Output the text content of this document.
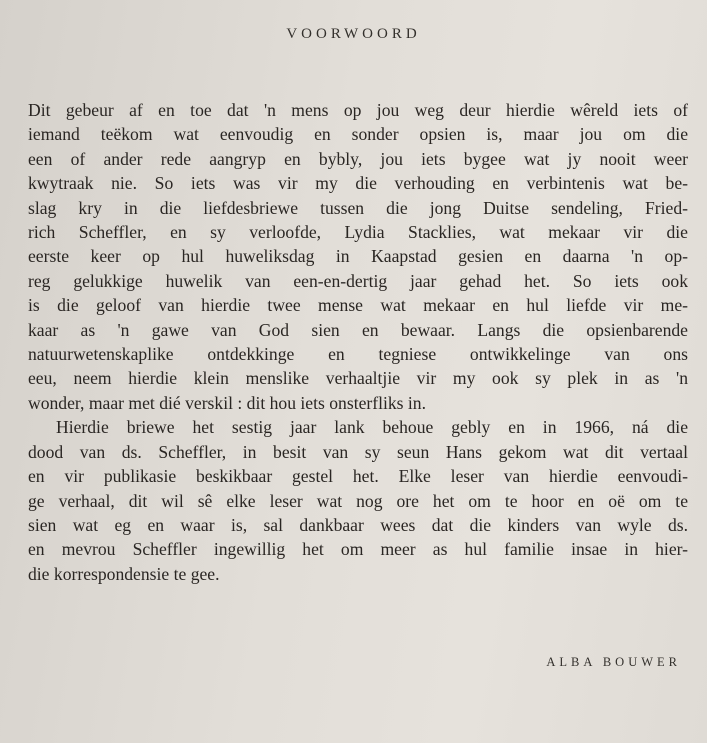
VOORWOORD

Dit gebeur af en toe dat 'n mens op jou weg deur hierdie wêreld iets of

iemand teëkom wat eenvoudig en sonder opsien is, maar jou om die

een of ander rede aangryp en bybly, jou iets bygee wat jy nooit weer

kwytraak nie. So iets was vir my die verhouding en verbintenis wat be-

slag kry in die liefdesbriewe tussen die jong Duitse sendeling, Fried-

rich Scheffler, en sy verloofde, Lydia Stacklies, wat mekaar vir die

eerste keer op hul huweliksdag in Kaapstad gesien en daarna 'n op-

reg gelukkige huwelik van een-en-dertig jaar gehad het. So iets ook

is die geloof van hierdie twee mense wat mekaar en hul liefde vir me-

kaar as 'n gawe van God sien en bewaar. Langs die opsienbarende

natuurwetenskaplike ontdekkinge en tegniese ontwikkelinge van ons

eeu, neem hierdie klein menslike verhaaltjie vir my ook sy plek in as 'n

wonder, maar met dié verskil : dit hou iets onsterfliks in.

Hierdie briewe het sestig jaar lank behoue gebly en in 1966, ná die

dood van ds. Scheffler, in besit van sy seun Hans gekom wat dit vertaal

en vir publikasie beskikbaar gestel het. Elke leser van hierdie eenvoudi-

ge verhaal, dit wil sê elke leser wat nog ore het om te hoor en oë om te

sien wat eg en waar is, sal dankbaar wees dat die kinders van wyle ds.

en mevrou Scheffler ingewillig het om meer as hul familie insae in hier-

die korrespondensie te gee.

ALBA BOUWER
